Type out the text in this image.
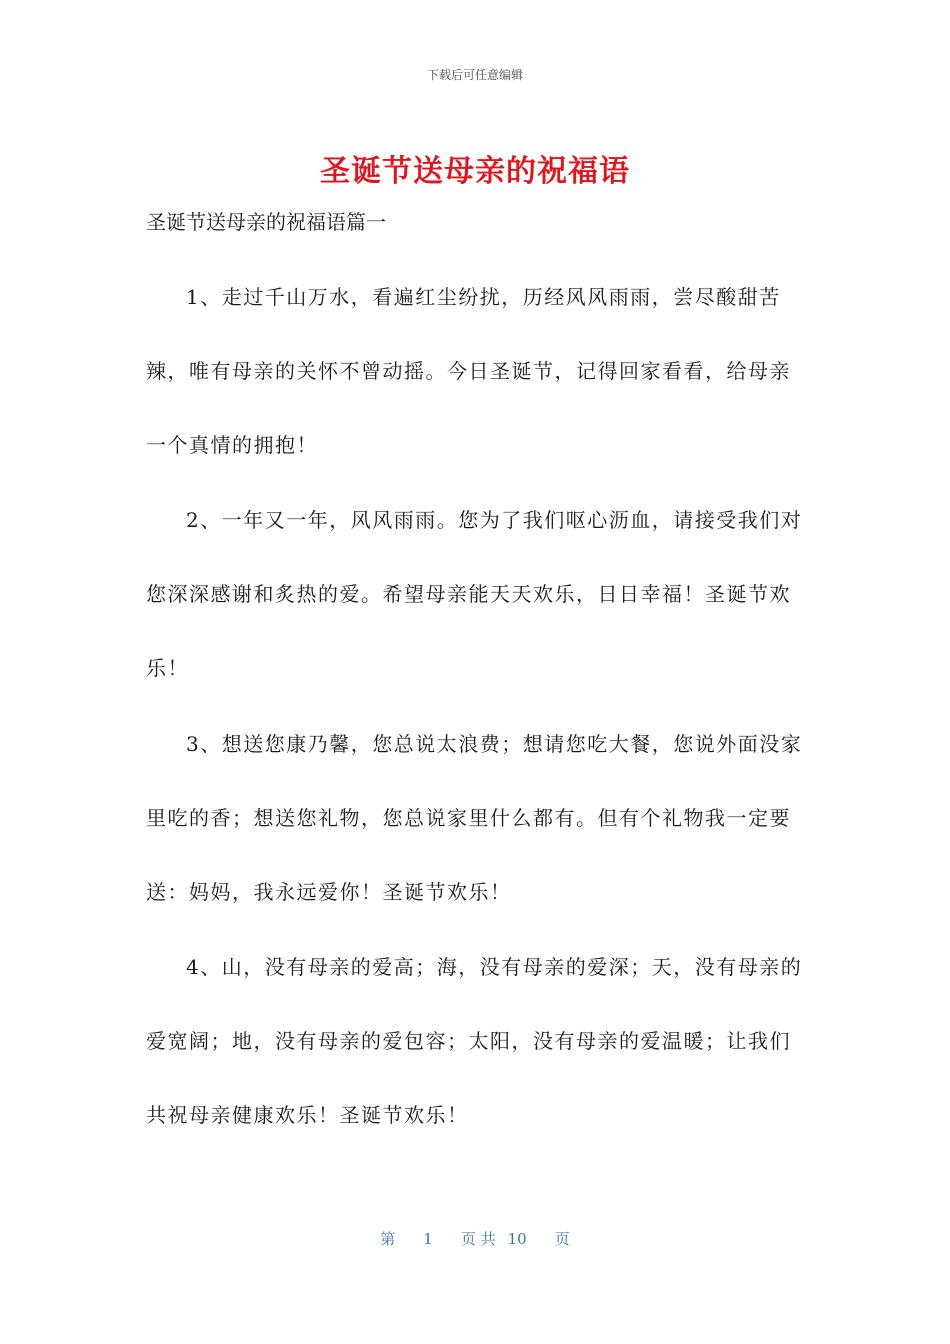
下载后可任意编辑
圣诞节送母亲的祝福语

圣诞节送母亲的祝福语篇一

1、走过千山万水，看遍红尘纷扰，历经风风雨雨，尝尽酸甜苦辣，唯有母亲的关怀不曾动摇。今日圣诞节，记得回家看看，给母亲一个真情的拥抱！

2、一年又一年，风风雨雨。您为了我们呕心沥血，请接受我们对您深深感谢和炙热的爱。希望母亲能天天欢乐，日日幸福！圣诞节欢乐！

3、想送您康乃馨，您总说太浪费；想请您吃大餐，您说外面没家里吃的香；想送您礼物，您总说家里什么都有。但有个礼物我一定要送：妈妈，我永远爱你！圣诞节欢乐！

4、山，没有母亲的爱高；海，没有母亲的爱深；天，没有母亲的爱宽阔；地，没有母亲的爱包容；太阳，没有母亲的爱温暖；让我们共祝母亲健康欢乐！圣诞节欢乐！

第 1 页 共 10 页
